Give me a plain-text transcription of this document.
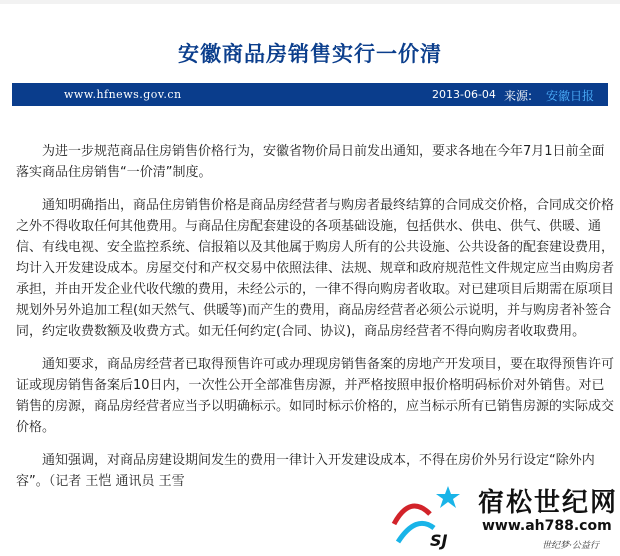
安徽商品房销售实行一价清
www.hfnews.gov.cn	2013-06-04 来源: 安徽日报

为进一步规范商品住房销售价格行为，安徽省物价局日前发出通知，要求各地在今年7月1日前全面落实商品住房销售“一价清”制度。

通知明确指出，商品住房销售价格是商品房经营者与购房者最终结算的合同成交价格，合同成交价格之外不得收取任何其他费用。与商品住房配套建设的各项基础设施，包括供水、供电、供气、供暖、通信、有线电视、安全监控系统、信报箱以及其他属于购房人所有的公共设施、公共设备的配套建设费用，均计入开发建设成本。房屋交付和产权交易中依照法律、法规、规章和政府规范性文件规定应当由购房者承担，并由开发企业代收代缴的费用，未经公示的，一律不得向购房者收取。对已建项目后期需在原项目规划外另外追加工程(如天然气、供暖等)而产生的费用，商品房经营者必须公示说明，并与购房者补签合同，约定收费数额及收费方式。如无任何约定(合同、协议)，商品房经营者不得向购房者收取费用。

通知要求，商品房经营者已取得预售许可或办理现房销售备案的房地产开发项目，要在取得预售许可证或现房销售备案后10日内，一次性公开全部准售房源，并严格按照申报价格明码标价对外销售。对已销售的房源，商品房经营者应当予以明确标示。如同时标示价格的，应当标示所有已销售房源的实际成交价格。

通知强调，对商品房建设期间发生的费用一律计入开发建设成本，不得在房价外另行设定“除外内容”。（记者 王恺 通讯员 王雪

SJ
宿松世纪网
www.ah788.com
世纪梦·公益行
